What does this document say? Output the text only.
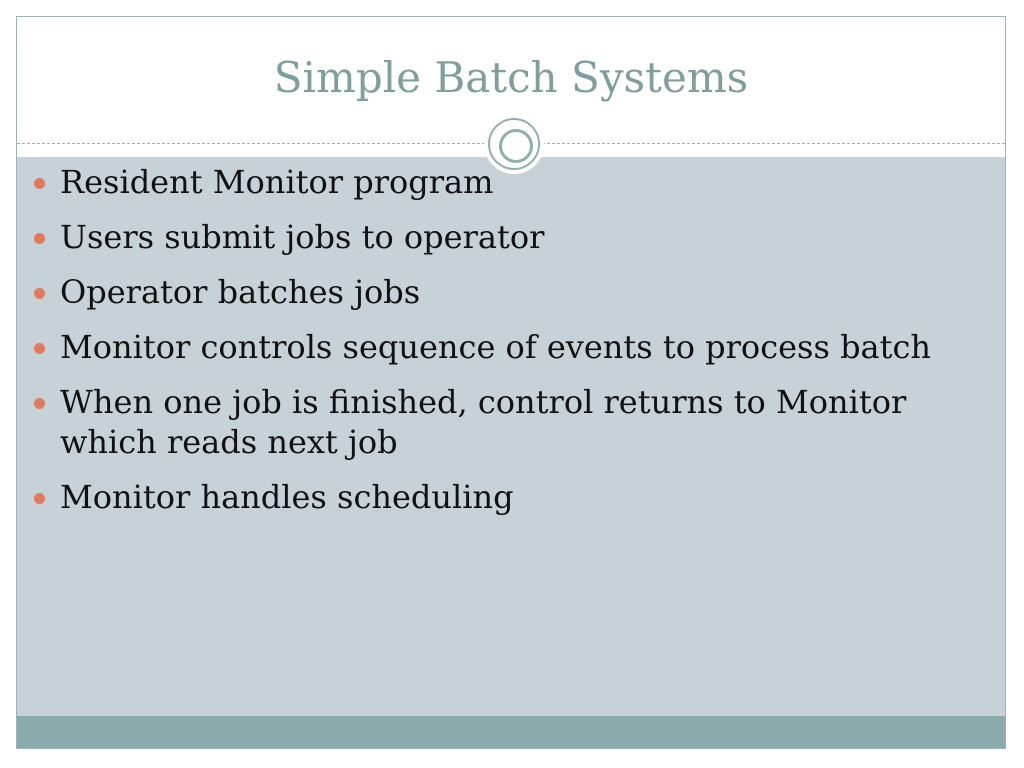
Simple Batch Systems
Resident Monitor program
Users submit jobs to operator
Operator batches jobs
Monitor controls sequence of events to process batch
When one job is finished, control returns to Monitor which reads next job
Monitor handles scheduling
